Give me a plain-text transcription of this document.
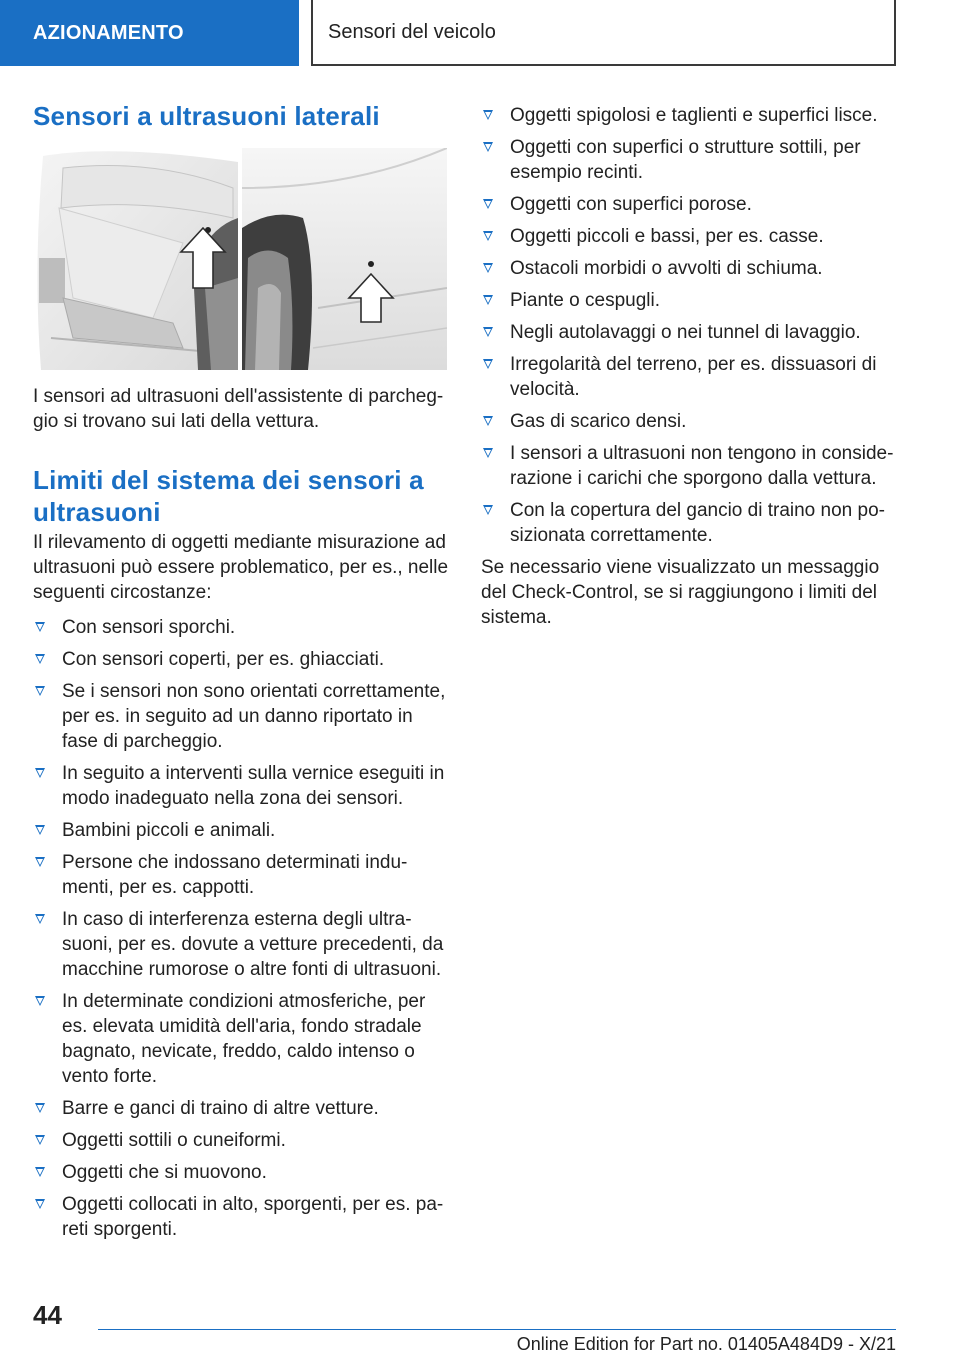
AZIONAMENTO	Sensori del veicolo
Sensori a ultrasuoni laterali

I sensori ad ultrasuoni dell'assistente di parcheg-gio si trovano sui lati della vettura.

Limiti del sistema dei sensori a ultrasuoni

Il rilevamento di oggetti mediante misurazione ad ultrasuoni può essere problematico, per es., nelle seguenti circostanze:

Con sensori sporchi.
Con sensori coperti, per es. ghiacciati.
Se i sensori non sono orientati correttamente, per es. in seguito ad un danno riportato in fase di parcheggio.
In seguito a interventi sulla vernice eseguiti in modo inadeguato nella zona dei sensori.
Bambini piccoli e animali.
Persone che indossano determinati indu-menti, per es. cappotti.
In caso di interferenza esterna degli ultra-suoni, per es. dovute a vetture precedenti, da macchine rumorose o altre fonti di ultrasuoni.
In determinate condizioni atmosferiche, per es. elevata umidità dell'aria, fondo stradale bagnato, nevicate, freddo, caldo intenso o vento forte.
Barre e ganci di traino di altre vetture.
Oggetti sottili o cuneiformi.
Oggetti che si muovono.
Oggetti collocati in alto, sporgenti, per es. pa-reti sporgenti.
Oggetti spigolosi e taglienti e superfici lisce.
Oggetti con superfici o strutture sottili, per esempio recinti.
Oggetti con superfici porose.
Oggetti piccoli e bassi, per es. casse.
Ostacoli morbidi o avvolti di schiuma.
Piante o cespugli.
Negli autolavaggi o nei tunnel di lavaggio.
Irregolarità del terreno, per es. dissuasori di velocità.
Gas di scarico densi.
I sensori a ultrasuoni non tengono in conside-razione i carichi che sporgono dalla vettura.
Con la copertura del gancio di traino non po-sizionata correttamente.

Se necessario viene visualizzato un messaggio del Check-Control, se si raggiungono i limiti del sistema.

44
Online Edition for Part no. 01405A484D9 - X/21
